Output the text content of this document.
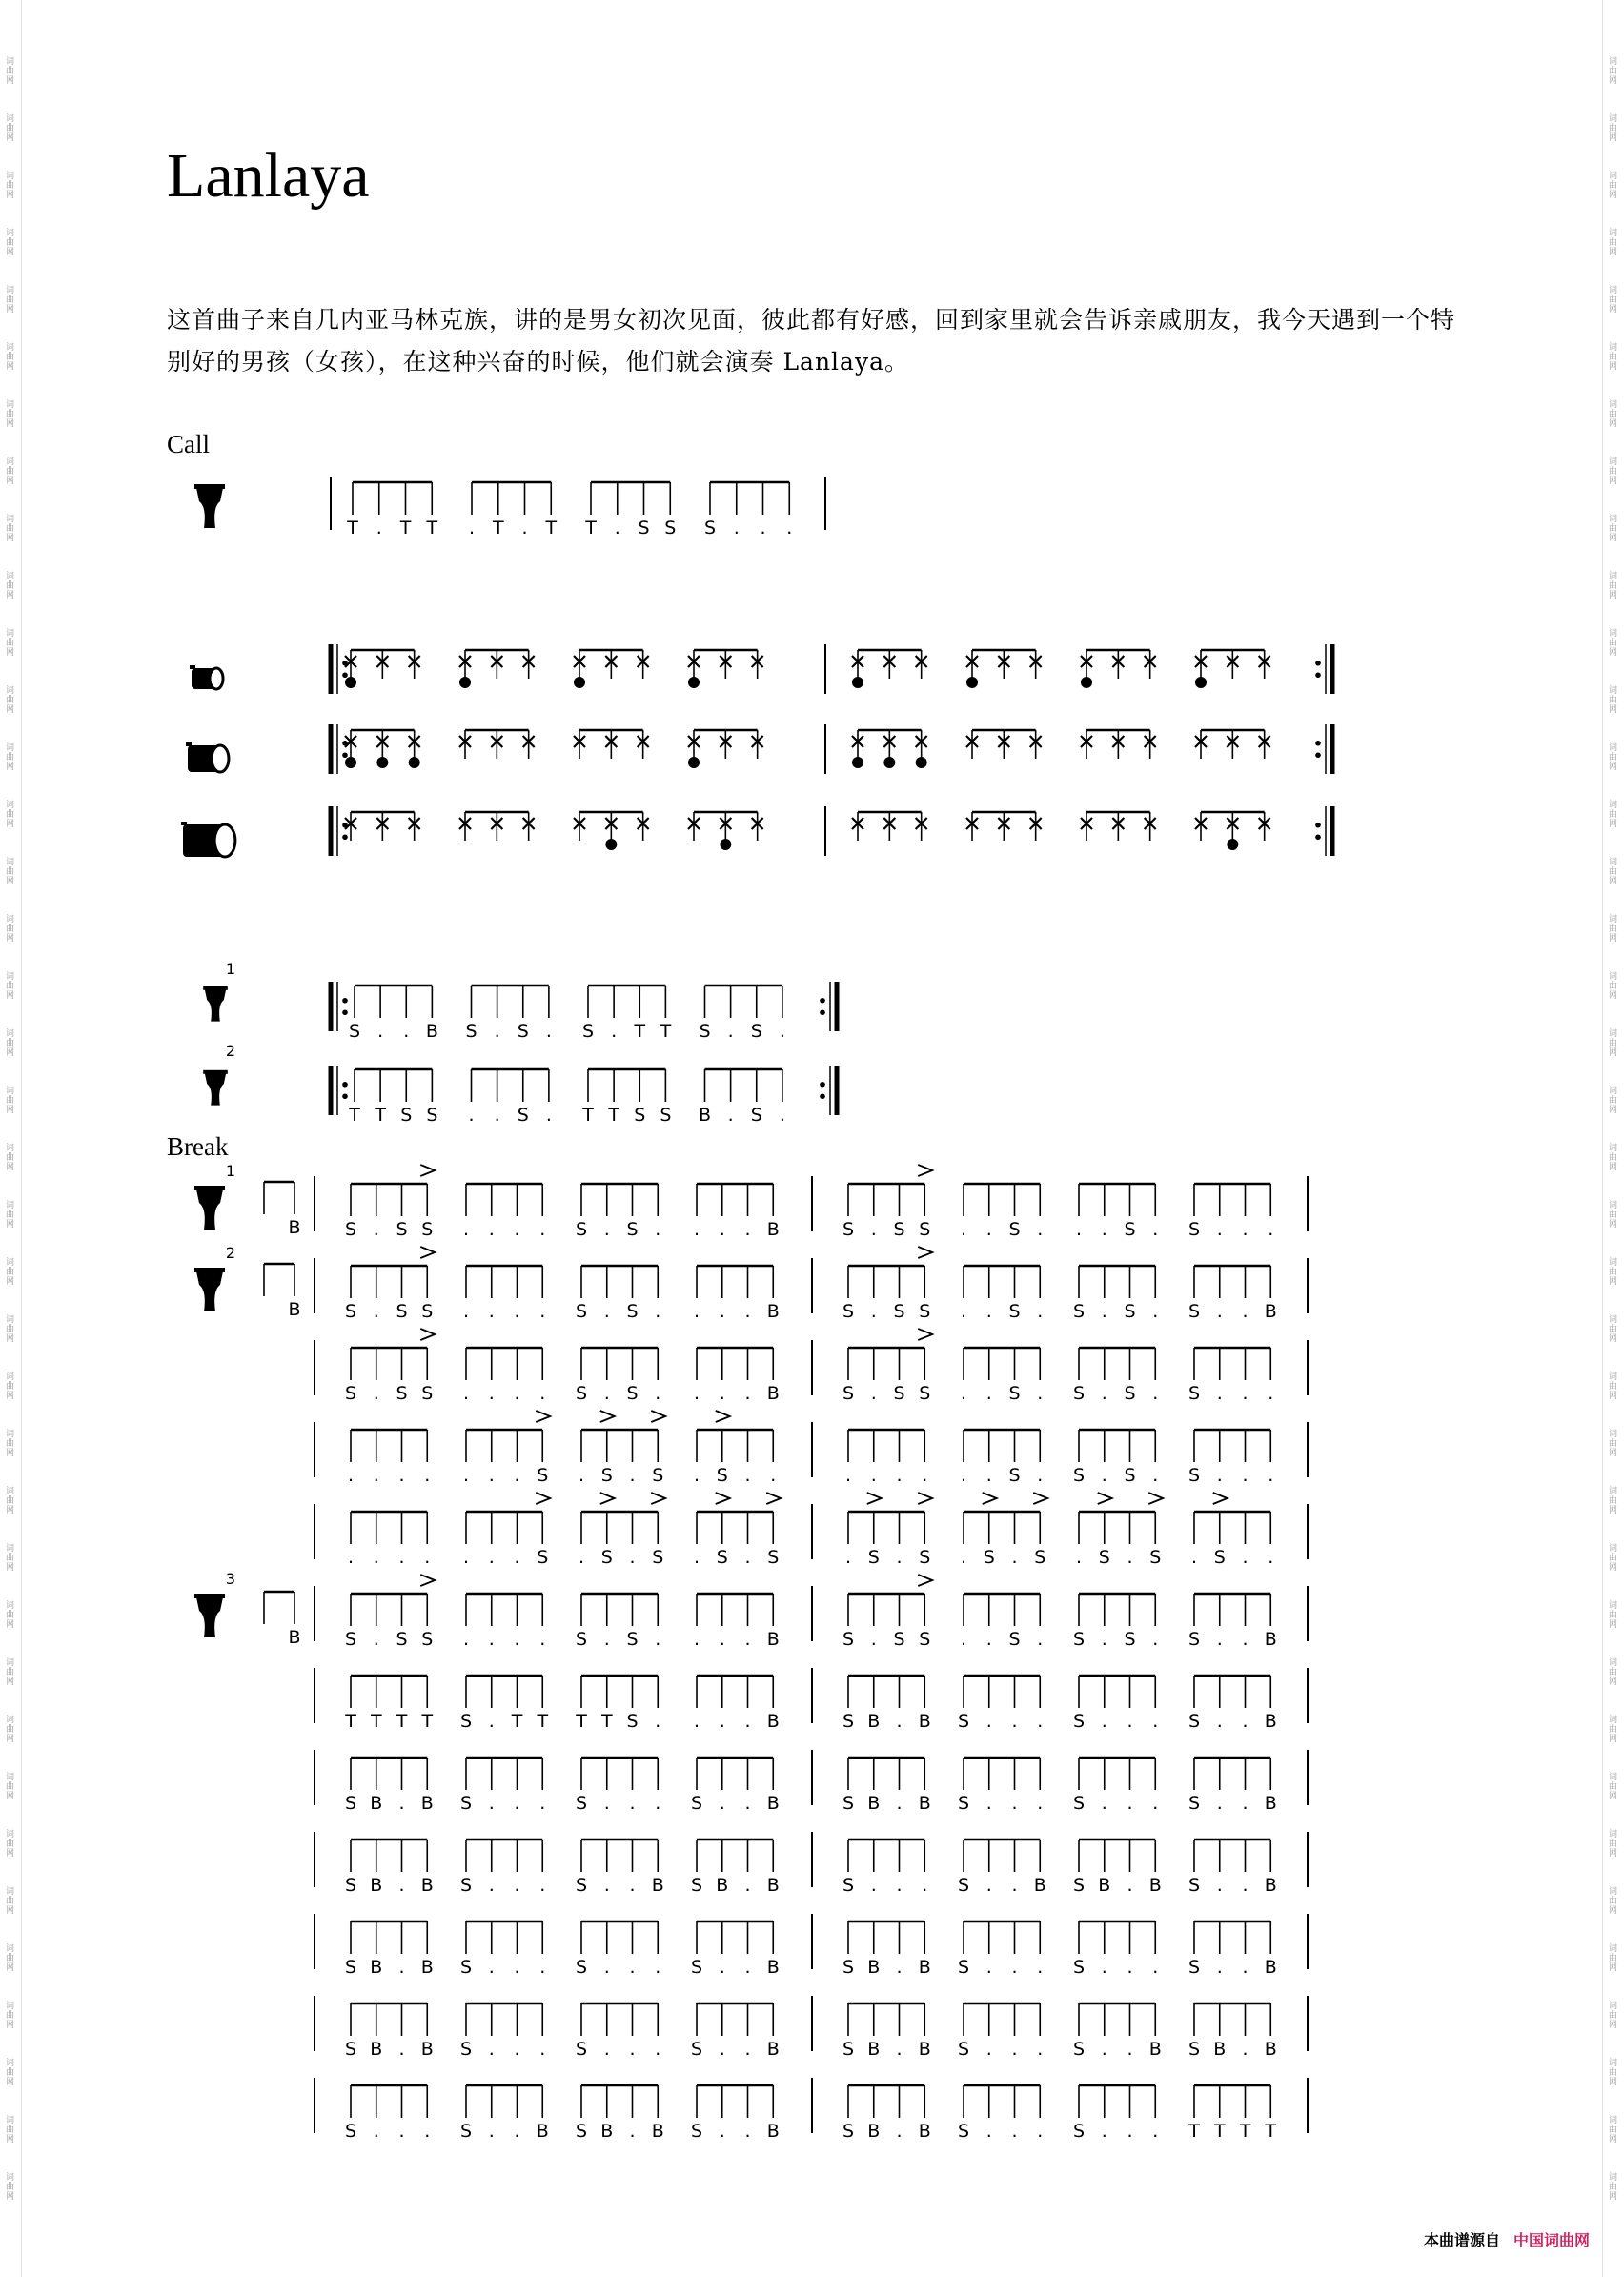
词
曲
网
词
曲
网
词
曲
网
词
曲
网
词
曲
网
词
曲
网
词
曲
网
词
曲
网
词
曲
网
词
曲
网
词
曲
网
词
曲
网
词
曲
网
词
曲
网
词
曲
网
词
曲
网
词
曲
网
词
曲
网
词
曲
网
词
曲
网
词
曲
网
词
曲
网
词
曲
网
词
曲
网
词
曲
网
词
曲
网
词
曲
网
词
曲
网
词
曲
网
词
曲
网
词
曲
网
词
曲
网
词
曲
网
词
曲
网
词
曲
网
词
曲
网
词
曲
网
词
曲
网
词
曲
网
词
曲
网
词
曲
网
词
曲
网
词
曲
网
词
曲
网
词
曲
网
词
曲
网
词
曲
网
词
曲
网
词
曲
网
词
曲
网
词
曲
网
词
曲
网
词
曲
网
词
曲
网
词
曲
网
词
曲
网
词
曲
网
词
曲
网
词
曲
网
词
曲
网
词
曲
网
词
曲
网
词
曲
网
词
曲
网
词
曲
网
词
曲
网
词
曲
网
词
曲
网
词
曲
网
词
曲
网
词
曲
网
词
曲
网
词
曲
网
词
曲
网
词
曲
网
词
曲
网
Lanlaya
这首曲子来自几内亚马林克族，讲的是男女初次见面，彼此都有好感，回到家里就会告诉亲戚朋友，我今天遇到一个特别好的男孩（女孩），在这种兴奋的时候，他们就会演奏 Lanlaya。
Call
Break
T . T T . T . T T . S S S . . .
1
S . . B S . S . S . T T S . S .
2
T T S S . . S . T T S S B . S .
1
B S . S S . . . . S . S . . . . B	S . S S . . S . . . S . S . . .
2
B S . S S . . . . S . S . . . . B	S . S S . . S . S . S . S . . B
S . S S . . . . S . S . . . . B	S . S S . . S . S . S . S . . .
. . . . . . . S . S . S . S . .	. . . . . . S . S . S . S . . .
. . . . . . . S . S . S . S . S	. S . S . S . S . S . S . S . .
3
B S . S S . . . . S . S . . . . B	S . S S . . S . S . S . S . . B
T T T T S . T T T T S . . . . B	S B . B S . . . S . . . S . . B
S B . B S . . . S . . . S . . B	S B . B S . . . S . . . S . . B
S B . B S . . . S . . B S B . B	S . . . S . . B S B . B S . . B
S B . B S . . . S . . . S . . B	S B . B S . . . S . . . S . . B
S B . B S . . . S . . . S . . B	S B . B S . . . S . . B S B . B
S . . . S . . B S B . B S . . B	S B . B S . . . S . . . T T T T
本曲谱源自 中国词曲网
